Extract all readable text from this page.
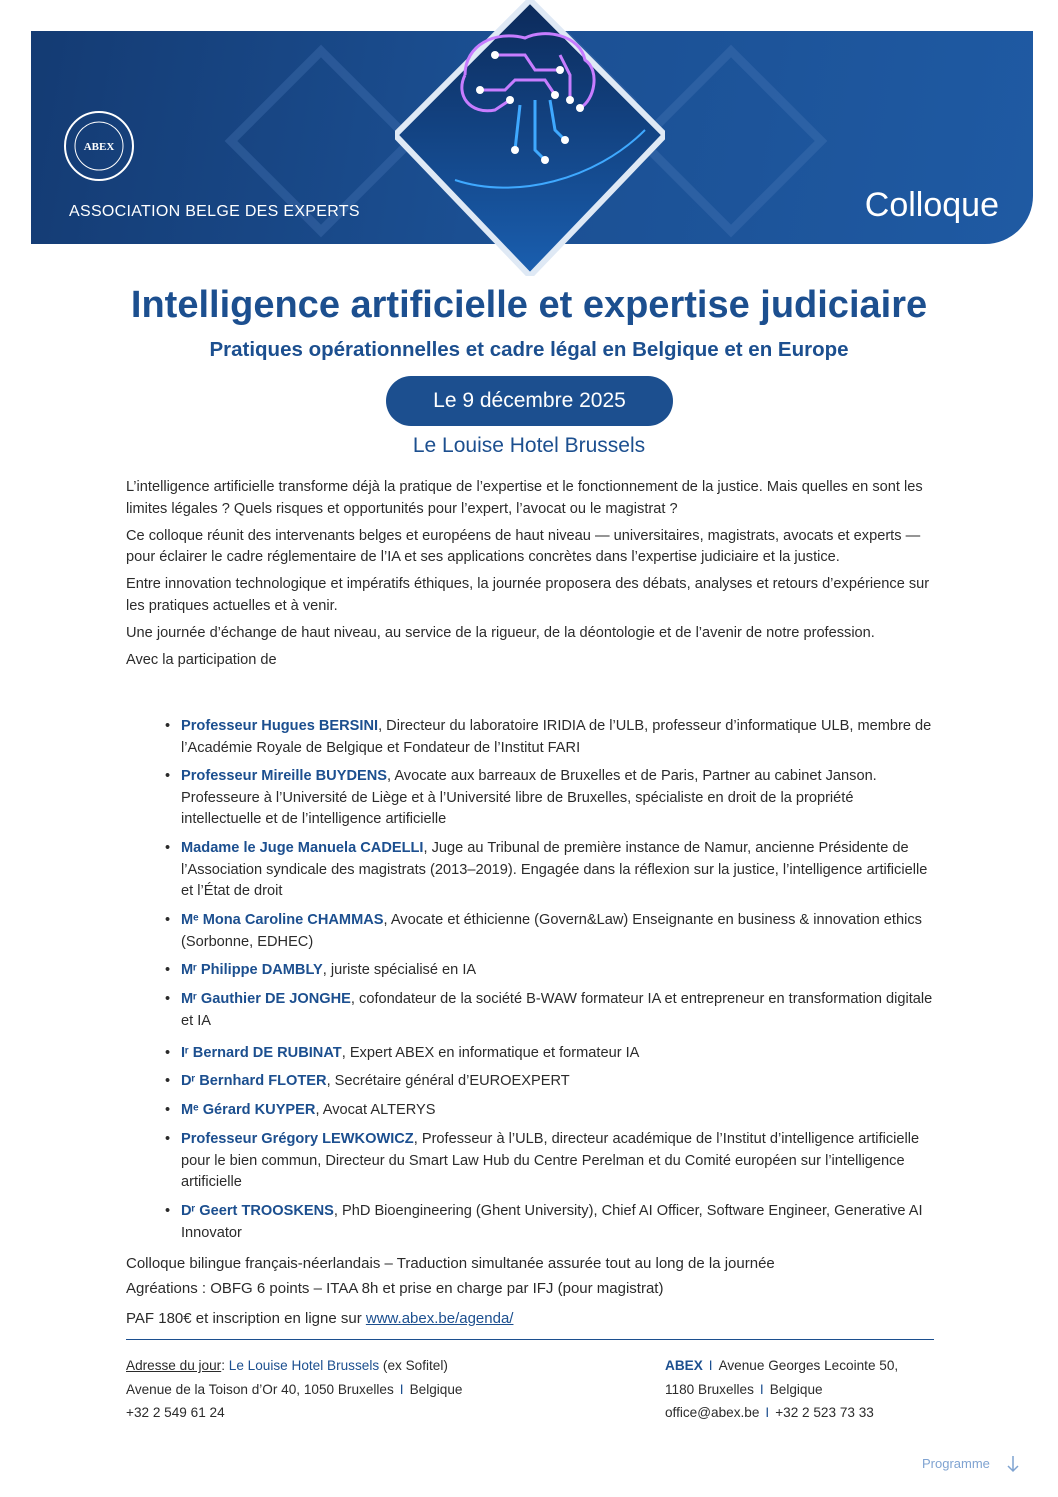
ABEX
ASSOCIATION BELGE DES EXPERTS	Colloque
Intelligence artificielle et expertise judiciaire
Pratiques opérationnelles et cadre légal en Belgique et en Europe
Le 9 décembre 2025
Le Louise Hotel Brussels

L’intelligence artificielle transforme déjà la pratique de l’expertise et le fonctionnement de la justice. Mais quelles en sont les limites légales ? Quels risques et opportunités pour l’expert, l’avocat ou le magistrat ?

Ce colloque réunit des intervenants belges et européens de haut niveau — universitaires, magistrats, avocats et experts — pour éclairer le cadre réglementaire de l’IA et ses applications concrètes dans l’expertise judiciaire et la justice.

Entre innovation technologique et impératifs éthiques, la journée proposera des débats, analyses et retours d’expérience sur les pratiques actuelles et à venir.

Une journée d’échange de haut niveau, au service de la rigueur, de la déontologie et de l’avenir de notre profession.

Avec la participation de

• Professeur Hugues BERSINI, Directeur du laboratoire IRIDIA de l’ULB, professeur d’informatique ULB, membre de l’Académie Royale de Belgique et Fondateur de l’Institut FARI
• Professeur Mireille BUYDENS, Avocate aux barreaux de Bruxelles et de Paris, Partner au cabinet Janson. Professeure à l’Université de Liège et à l’Université libre de Bruxelles, spécialiste en droit de la propriété intellectuelle et de l’intelligence artificielle
• Madame le Juge Manuela CADELLI, Juge au Tribunal de première instance de Namur, ancienne Présidente de l’Association syndicale des magistrats (2013–2019). Engagée dans la réflexion sur la justice, l’intelligence artificielle et l’État de droit
• Mᵉ Mona Caroline CHAMMAS, Avocate et éthicienne (Govern&Law) Enseignante en business & innovation ethics (Sorbonne, EDHEC)
• Mʳ Philippe DAMBLY, juriste spécialisé en IA
• Mʳ Gauthier DE JONGHE, cofondateur de la société B-WAW formateur IA et entrepreneur en transformation digitale et IA
• Iʳ Bernard DE RUBINAT, Expert ABEX en informatique et formateur IA
• Dʳ Bernhard FLOTER, Secrétaire général d’EUROEXPERT
• Mᵉ Gérard KUYPER, Avocat ALTERYS
• Professeur Grégory LEWKOWICZ, Professeur à l’ULB, directeur académique de l’Institut d’intelligence artificielle pour le bien commun, Directeur du Smart Law Hub du Centre Perelman et du Comité européen sur l’intelligence artificielle
• Dʳ Geert TROOSKENS, PhD Bioengineering (Ghent University), Chief AI Officer, Software Engineer, Generative AI Innovator
Colloque bilingue français-néerlandais – Traduction simultanée assurée tout au long de la journée
Agréations : OBFG 6 points – ITAA 8h et prise en charge par IFJ (pour magistrat)
PAF 180€ et inscription en ligne sur www.abex.be/agenda/
Adresse du jour: Le Louise Hotel Brussels (ex Sofitel)
Avenue de la Toison d’Or 40, 1050 Bruxelles I Belgique
+32 2 549 61 24
ABEX I Avenue Georges Lecointe 50,
1180 Bruxelles I Belgique
office@abex.be I +32 2 523 73 33
Programme
